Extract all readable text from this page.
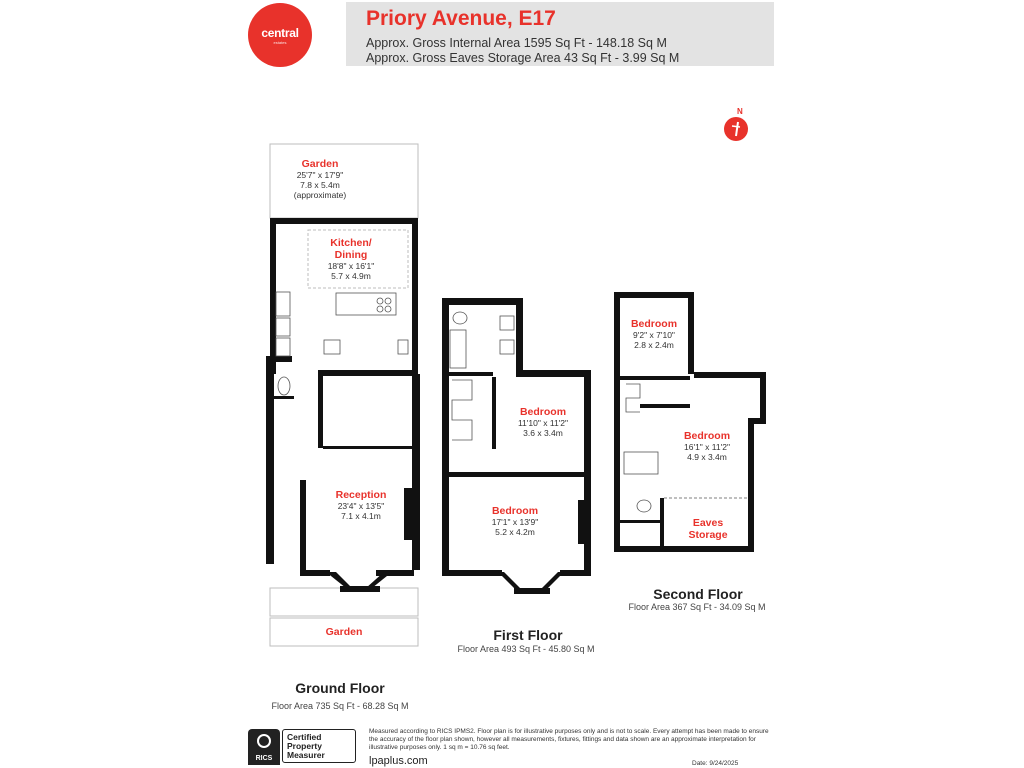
central
estates
Priory Avenue, E17
Approx. Gross Internal Area 1595 Sq Ft - 148.18 Sq M
Approx. Gross Eaves Storage Area 43 Sq Ft - 3.99 Sq M
N
Garden
25'7" x 17'9"
7.8 x 5.4m
(approximate)
Kitchen/
Dining
18'8" x 16'1"
5.7 x 4.9m
Reception
23'4" x 13'5"
7.1 x 4.1m
Garden
Ground Floor
Floor Area 735 Sq Ft - 68.28 Sq M
Bedroom
11'10" x 11'2"
3.6 x 3.4m
Bedroom
17'1" x 13'9"
5.2 x 4.2m
First Floor
Floor Area 493 Sq Ft - 45.80 Sq M
Bedroom
9'2" x 7'10"
2.8 x 2.4m
Bedroom
16'1" x 11'2"
4.9 x 3.4m
Eaves
Storage
Second Floor
Floor Area 367 Sq Ft - 34.09 Sq M
RICS
Certified
Property
Measurer
Measured according to RICS IPMS2. Floor plan is for illustrative purposes only and is not to scale. Every attempt has been made to ensure the accuracy of the floor plan shown, however all measurements, fixtures, fittings and data shown are an approximate interpretation for illustrative purposes only. 1 sq m = 10.76 sq feet.
lpaplus.com	Date: 9/24/2025
